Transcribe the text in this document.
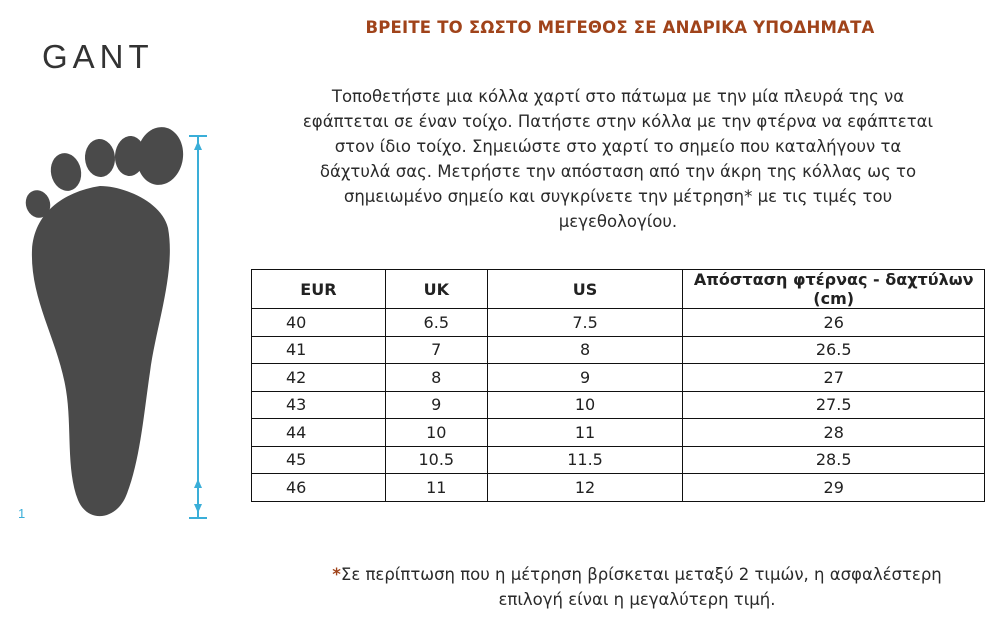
GANT
1
ΒΡΕΙΤΕ ΤΟ ΣΩΣΤΟ ΜΕΓΕΘΟΣ ΣΕ ΑΝΔΡΙΚΑ ΥΠΟΔΗΜΑΤΑ
Τοποθετήστε μια κόλλα χαρτί στο πάτωμα με την μία πλευρά της να
εφάπτεται σε έναν τοίχο. Πατήστε στην κόλλα με την φτέρνα να εφάπτεται
στον ίδιο τοίχο. Σημειώστε στο χαρτί το σημείο που καταλήγουν τα
δάχτυλά σας. Μετρήστε την απόσταση από την άκρη της κόλλας ως το
σημειωμένο σημείο και συγκρίνετε την μέτρηση* με τις τιμές του
μεγεθολογίου.
EUR	UK	US	Απόσταση φτέρνας - δαχτύλων (cm)
40	6.5	7.5	26
41	7	8	26.5
42	8	9	27
43	9	10	27.5
44	10	11	28
45	10.5	11.5	28.5
46	11	12	29
*Σε περίπτωση που η μέτρηση βρίσκεται μεταξύ 2 τιμών, η ασφαλέστερη
επιλογή είναι η μεγαλύτερη τιμή.
